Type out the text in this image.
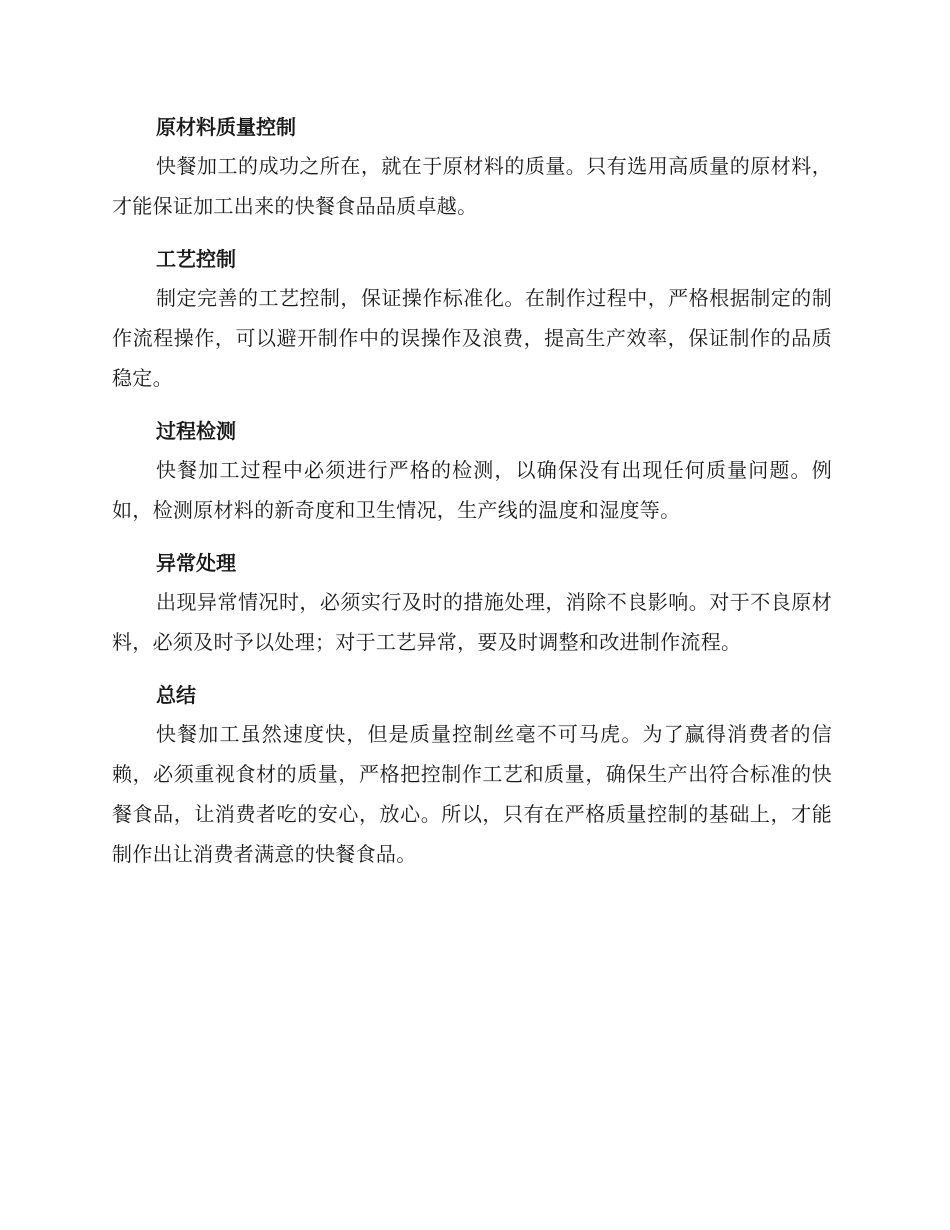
原材料质量控制

快餐加工的成功之所在，就在于原材料的质量。只有选用高质量的原材料，才能保证加工出来的快餐食品品质卓越。

工艺控制

制定完善的工艺控制，保证操作标准化。在制作过程中，严格根据制定的制作流程操作，可以避开制作中的误操作及浪费，提高生产效率，保证制作的品质稳定。

过程检测

快餐加工过程中必须进行严格的检测，以确保没有出现任何质量问题。例如，检测原材料的新奇度和卫生情况，生产线的温度和湿度等。

异常处理

出现异常情况时，必须实行及时的措施处理，消除不良影响。对于不良原材料，必须及时予以处理；对于工艺异常，要及时调整和改进制作流程。

总结

快餐加工虽然速度快，但是质量控制丝毫不可马虎。为了赢得消费者的信赖，必须重视食材的质量，严格把控制作工艺和质量，确保生产出符合标准的快餐食品，让消费者吃的安心，放心。所以，只有在严格质量控制的基础上，才能制作出让消费者满意的快餐食品。
